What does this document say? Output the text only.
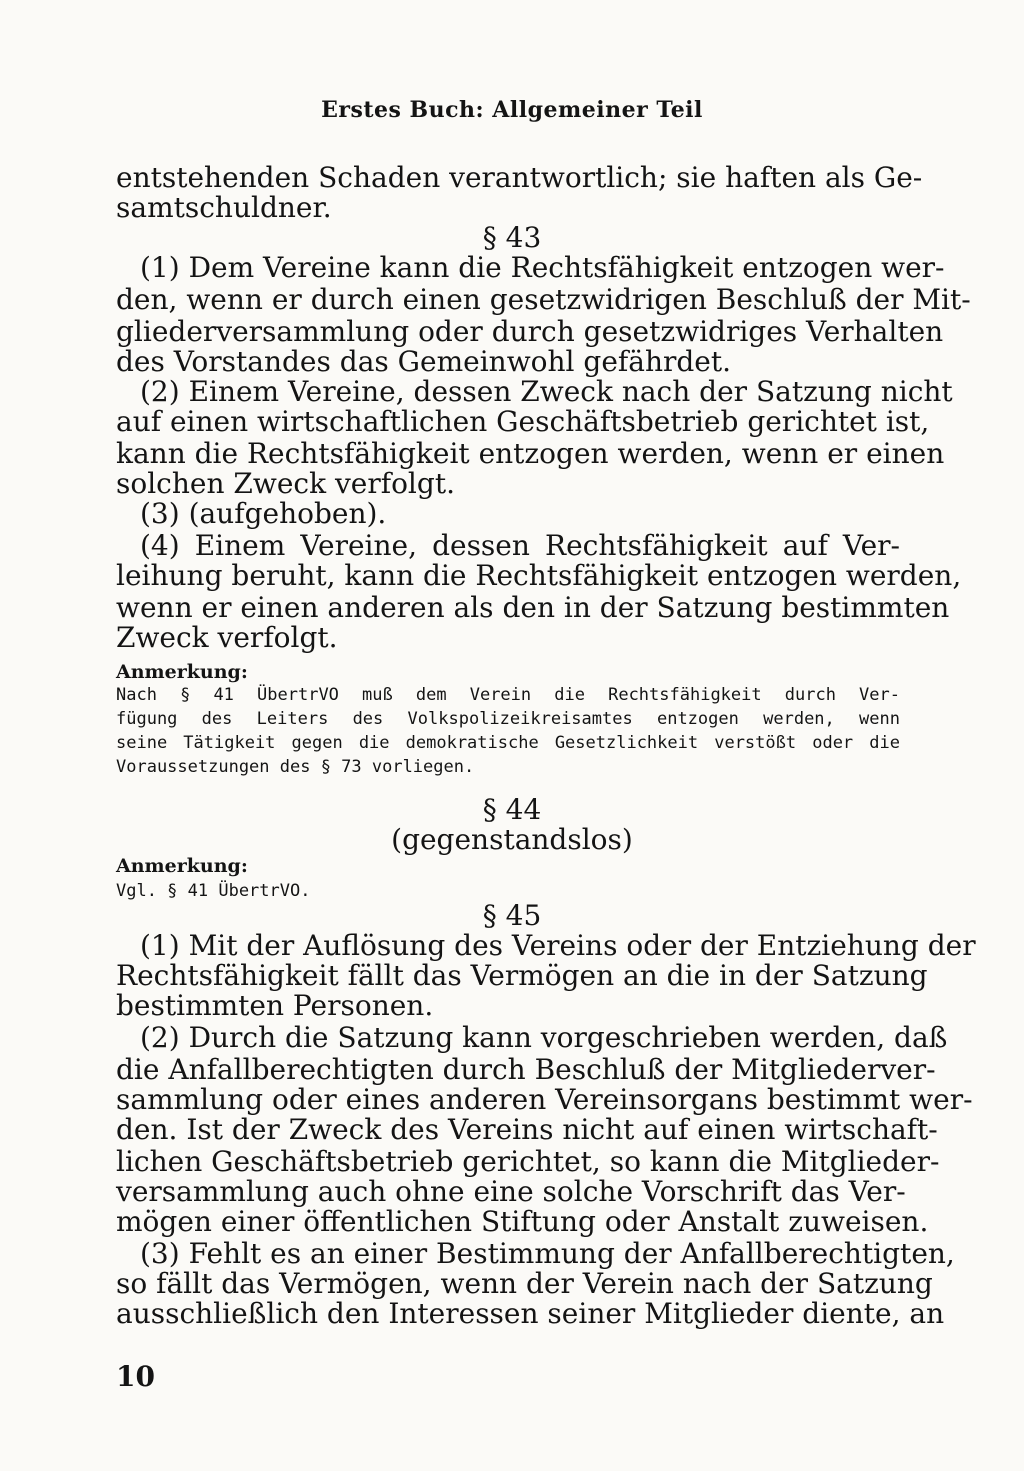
Erstes Buch: Allgemeiner Teil
entstehenden Schaden verantwortlich; sie haften als Ge-
samtschuldner.
§ 43
(1) Dem Vereine kann die Rechtsfähigkeit entzogen wer-
den, wenn er durch einen gesetzwidrigen Beschluß der Mit-
gliederversammlung oder durch gesetzwidriges Verhalten
des Vorstandes das Gemeinwohl gefährdet.
(2) Einem Vereine, dessen Zweck nach der Satzung nicht
auf einen wirtschaftlichen Geschäftsbetrieb gerichtet ist,
kann die Rechtsfähigkeit entzogen werden, wenn er einen
solchen Zweck verfolgt.
(3) (aufgehoben).
(4) Einem Vereine, dessen Rechtsfähigkeit auf Ver-
leihung beruht, kann die Rechtsfähigkeit entzogen werden,
wenn er einen anderen als den in der Satzung bestimmten
Zweck verfolgt.
Anmerkung:
Nach § 41 ÜbertrVO muß dem Verein die Rechtsfähigkeit durch Ver-
fügung des Leiters des Volkspolizeikreisamtes entzogen werden, wenn
seine Tätigkeit gegen die demokratische Gesetzlichkeit verstößt oder die
Voraussetzungen des § 73 vorliegen.
§ 44
(gegenstandslos)
Anmerkung:
Vgl. § 41 ÜbertrVO.
§ 45
(1) Mit der Auflösung des Vereins oder der Entziehung der
Rechtsfähigkeit fällt das Vermögen an die in der Satzung
bestimmten Personen.
(2) Durch die Satzung kann vorgeschrieben werden, daß
die Anfallberechtigten durch Beschluß der Mitgliederver-
sammlung oder eines anderen Vereinsorgans bestimmt wer-
den. Ist der Zweck des Vereins nicht auf einen wirtschaft-
lichen Geschäftsbetrieb gerichtet, so kann die Mitglieder-
versammlung auch ohne eine solche Vorschrift das Ver-
mögen einer öffentlichen Stiftung oder Anstalt zuweisen.
(3) Fehlt es an einer Bestimmung der Anfallberechtigten,
so fällt das Vermögen, wenn der Verein nach der Satzung
ausschließlich den Interessen seiner Mitglieder diente, an
10
